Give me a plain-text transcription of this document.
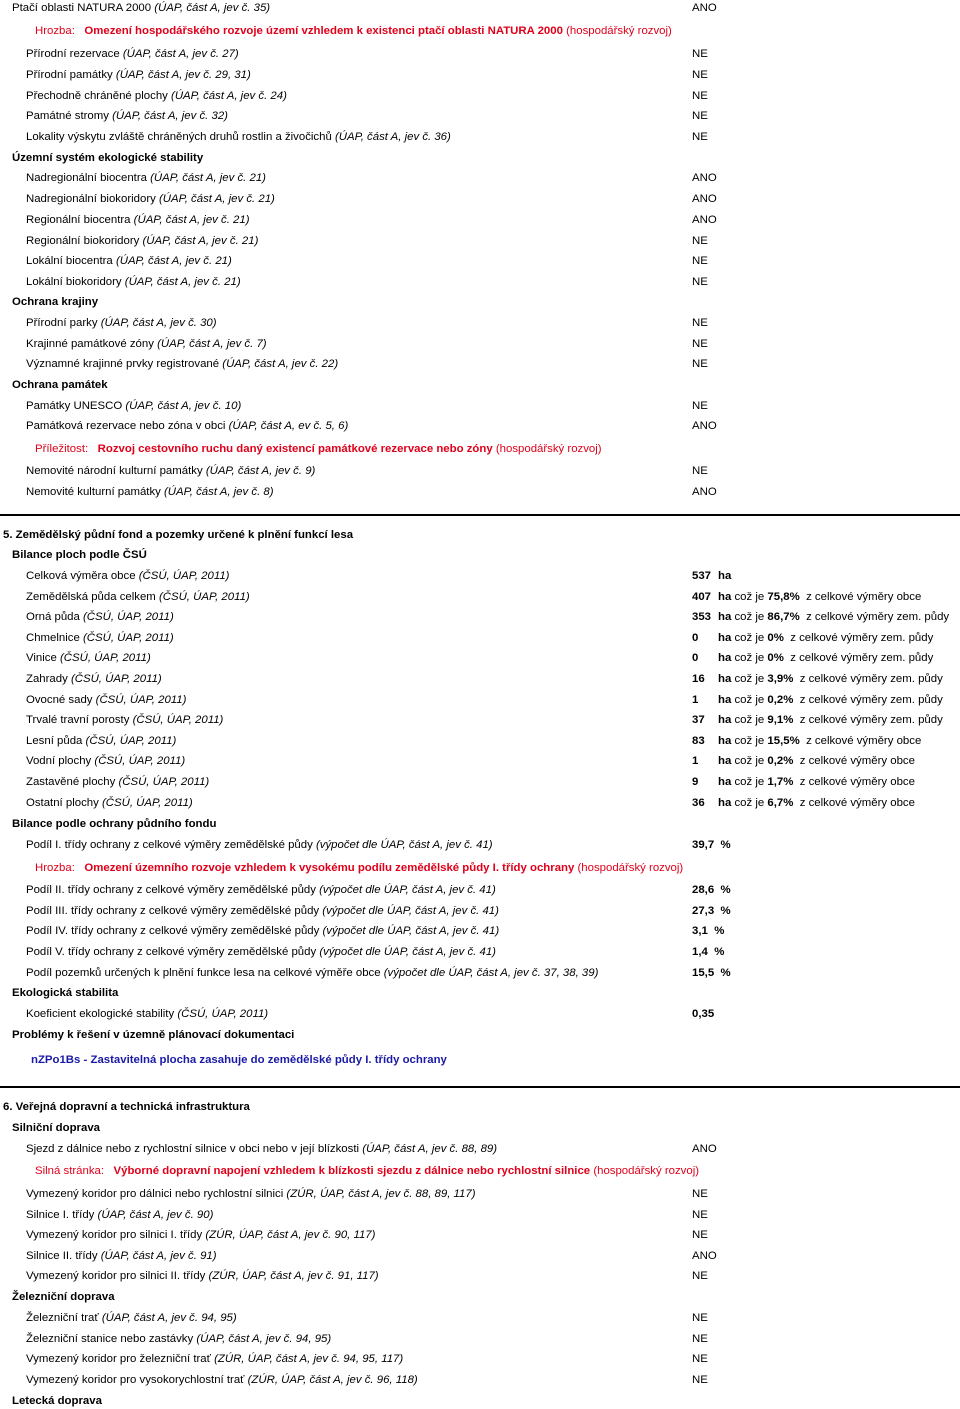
Ptačí oblasti NATURA 2000 (ÚAP, část A, jev č. 35)	ANO
Hrozba: Omezení hospodářského rozvoje území vzhledem k existenci ptačí oblasti NATURA 2000 (hospodářský rozvoj)
Přírodní rezervace (ÚAP, část A, jev č. 27)	NE
Přírodní památky (ÚAP, část A, jev č. 29, 31)	NE
Přechodně chráněné plochy (ÚAP, část A, jev č. 24)	NE
Památné stromy (ÚAP, část A, jev č. 32)	NE
Lokality výskytu zvláště chráněných druhů rostlin a živočichů (ÚAP, část A, jev č. 36)	NE
Územní systém ekologické stability
Nadregionální biocentra (ÚAP, část A, jev č. 21)	ANO
Nadregionální biokoridory (ÚAP, část A, jev č. 21)	ANO
Regionální biocentra (ÚAP, část A, jev č. 21)	ANO
Regionální biokoridory (ÚAP, část A, jev č. 21)	NE
Lokální biocentra (ÚAP, část A, jev č. 21)	NE
Lokální biokoridory (ÚAP, část A, jev č. 21)	NE
Ochrana krajiny
Přírodní parky (ÚAP, část A, jev č. 30)	NE
Krajinné památkové zóny (ÚAP, část A, jev č. 7)	NE
Významné krajinné prvky registrované (ÚAP, část A, jev č. 22)	NE
Ochrana památek
Památky UNESCO (ÚAP, část A, jev č. 10)	NE
Památková rezervace nebo zóna v obci (ÚAP, část A, ev č. 5, 6)	ANO
Příležitost: Rozvoj cestovního ruchu daný existencí památkové rezervace nebo zóny (hospodářský rozvoj)
Nemovité národní kulturní památky (ÚAP, část A, jev č. 9)	NE
Nemovité kulturní památky (ÚAP, část A, jev č. 8)	ANO
5. Zemědělský půdní fond a pozemky určené k plnění funkcí lesa
Bilance ploch podle ČSÚ
Celková výměra obce (ČSÚ, ÚAP, 2011)	537 ha
Zemědělská půda celkem (ČSÚ, ÚAP, 2011)	407 ha což je 75,8% z celkové výměry obce
Orná půda (ČSÚ, ÚAP, 2011)	353 ha což je 86,7% z celkové výměry zem. půdy
Chmelnice (ČSÚ, ÚAP, 2011)	0 ha což je 0% z celkové výměry zem. půdy
Vinice (ČSÚ, ÚAP, 2011)	0 ha což je 0% z celkové výměry zem. půdy
Zahrady (ČSÚ, ÚAP, 2011)	16 ha což je 3,9% z celkové výměry zem. půdy
Ovocné sady (ČSÚ, ÚAP, 2011)	1 ha což je 0,2% z celkové výměry zem. půdy
Trvalé travní porosty (ČSÚ, ÚAP, 2011)	37 ha což je 9,1% z celkové výměry zem. půdy
Lesní půda (ČSÚ, ÚAP, 2011)	83 ha což je 15,5% z celkové výměry obce
Vodní plochy (ČSÚ, ÚAP, 2011)	1 ha což je 0,2% z celkové výměry obce
Zastavěné plochy (ČSÚ, ÚAP, 2011)	9 ha což je 1,7% z celkové výměry obce
Ostatní plochy (ČSÚ, ÚAP, 2011)	36 ha což je 6,7% z celkové výměry obce
Bilance podle ochrany půdního fondu
Podíl I. třídy ochrany z celkové výměry zemědělské půdy (výpočet dle ÚAP, část A, jev č. 41)	39,7 %
Hrozba: Omezení územního rozvoje vzhledem k vysokému podílu zemědělské půdy I. třídy ochrany (hospodářský rozvoj)
Podíl II. třídy ochrany z celkové výměry zemědělské půdy (výpočet dle ÚAP, část A, jev č. 41)	28,6 %
Podíl III. třídy ochrany z celkové výměry zemědělské půdy (výpočet dle ÚAP, část A, jev č. 41)	27,3 %
Podíl IV. třídy ochrany z celkové výměry zemědělské půdy (výpočet dle ÚAP, část A, jev č. 41)	3,1 %
Podíl V. třídy ochrany z celkové výměry zemědělské půdy (výpočet dle ÚAP, část A, jev č. 41)	1,4 %
Podíl pozemků určených k plnění funkce lesa na celkové výměře obce (výpočet dle ÚAP, část A, jev č. 37, 38, 39)	15,5 %
Ekologická stabilita
Koeficient ekologické stability (ČSÚ, ÚAP, 2011)	0,35
Problémy k řešení v územně plánovací dokumentaci
nZPo1Bs - Zastavitelná plocha zasahuje do zemědělské půdy I. třídy ochrany
6. Veřejná dopravní a technická infrastruktura
Silniční doprava
Sjezd z dálnice nebo z rychlostní silnice v obci nebo v její blízkosti (ÚAP, část A, jev č. 88, 89)	ANO
Silná stránka: Výborné dopravní napojení vzhledem k blízkosti sjezdu z dálnice nebo rychlostní silnice (hospodářský rozvoj)
Vymezený koridor pro dálnici nebo rychlostní silnici (ZÚR, ÚAP, část A, jev č. 88, 89, 117)	NE
Silnice I. třídy (ÚAP, část A, jev č. 90)	NE
Vymezený koridor pro silnici I. třídy (ZÚR, ÚAP, část A, jev č. 90, 117)	NE
Silnice II. třídy (ÚAP, část A, jev č. 91)	ANO
Vymezený koridor pro silnici II. třídy (ZÚR, ÚAP, část A, jev č. 91, 117)	NE
Železniční doprava
Železniční trať (ÚAP, část A, jev č. 94, 95)	NE
Železniční stanice nebo zastávky (ÚAP, část A, jev č. 94, 95)	NE
Vymezený koridor pro železniční trať (ZÚR, ÚAP, část A, jev č. 94, 95, 117)	NE
Vymezený koridor pro vysokorychlostní trať (ZÚR, ÚAP, část A, jev č. 96, 118)	NE
Letecká doprava
